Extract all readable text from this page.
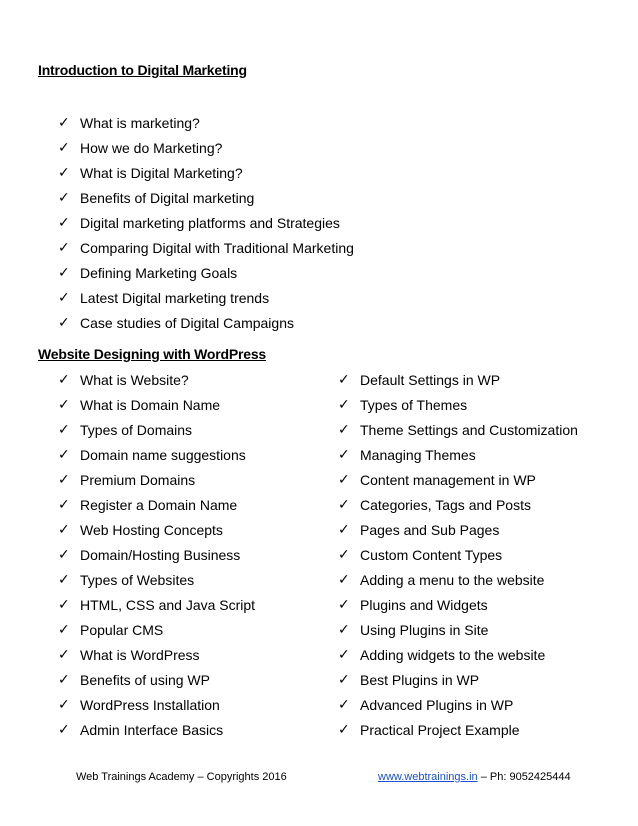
Introduction to Digital Marketing
✓ What is marketing?
✓ How we do Marketing?
✓ What is Digital Marketing?
✓ Benefits of Digital marketing
✓ Digital marketing platforms and Strategies
✓ Comparing Digital with Traditional Marketing
✓ Defining Marketing Goals
✓ Latest Digital marketing trends
✓ Case studies of Digital Campaigns
Website Designing with WordPress
✓ What is Website?
✓ What is Domain Name
✓ Types of Domains
✓ Domain name suggestions
✓ Premium Domains
✓ Register a Domain Name
✓ Web Hosting Concepts
✓ Domain/Hosting Business
✓ Types of Websites
✓ HTML, CSS and Java Script
✓ Popular CMS
✓ What is WordPress
✓ Benefits of using WP
✓ WordPress Installation
✓ Admin Interface Basics
✓ Default Settings in WP
✓ Types of Themes
✓ Theme Settings and Customization
✓ Managing Themes
✓ Content management in WP
✓ Categories, Tags and Posts
✓ Pages and Sub Pages
✓ Custom Content Types
✓ Adding a menu to the website
✓ Plugins and Widgets
✓ Using Plugins in Site
✓ Adding widgets to the website
✓ Best Plugins in WP
✓ Advanced Plugins in WP
✓ Practical Project Example
Web Trainings Academy – Copyrights 2016	www.webtrainings.in – Ph: 9052425444
